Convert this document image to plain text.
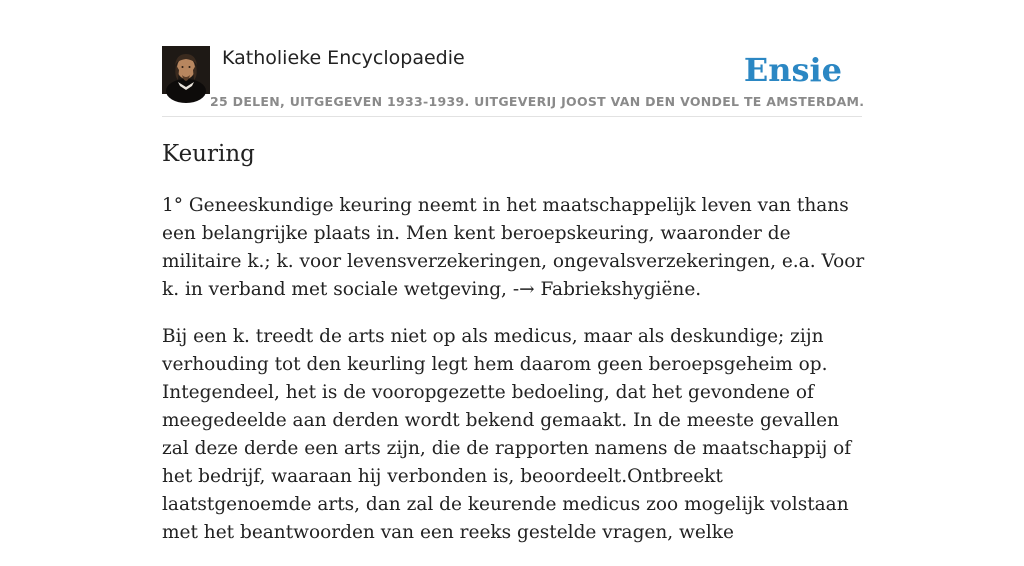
Katholieke Encyclopaedie
25 DELEN, UITGEGEVEN 1933-1939. UITGEVERIJ JOOST VAN DEN VONDEL TE AMSTERDAM.
Ensie
Keuring

1° Geneeskundige keuring neemt in het maatschappelijk leven van thans een belangrijke plaats in. Men kent beroepskeuring, waaronder de militaire k.; k. voor levensverzekeringen, ongevalsverzekeringen, e.a. Voor k. in verband met sociale wetgeving, -→ Fabriekshygiëne.

Bij een k. treedt de arts niet op als medicus, maar als deskundige; zijn verhouding tot den keurling legt hem daarom geen beroepsgeheim op. Integendeel, het is de vooropgezette bedoeling, dat het gevondene of meegedeelde aan derden wordt bekend gemaakt. In de meeste gevallen zal deze derde een arts zijn, die de rapporten namens de maatschappij of het bedrijf, waaraan hij verbonden is, beoordeelt.Ontbreekt laatstgenoemde arts, dan zal de keurende medicus zoo mogelijk volstaan met het beantwoorden van een reeks gestelde vragen, welke
